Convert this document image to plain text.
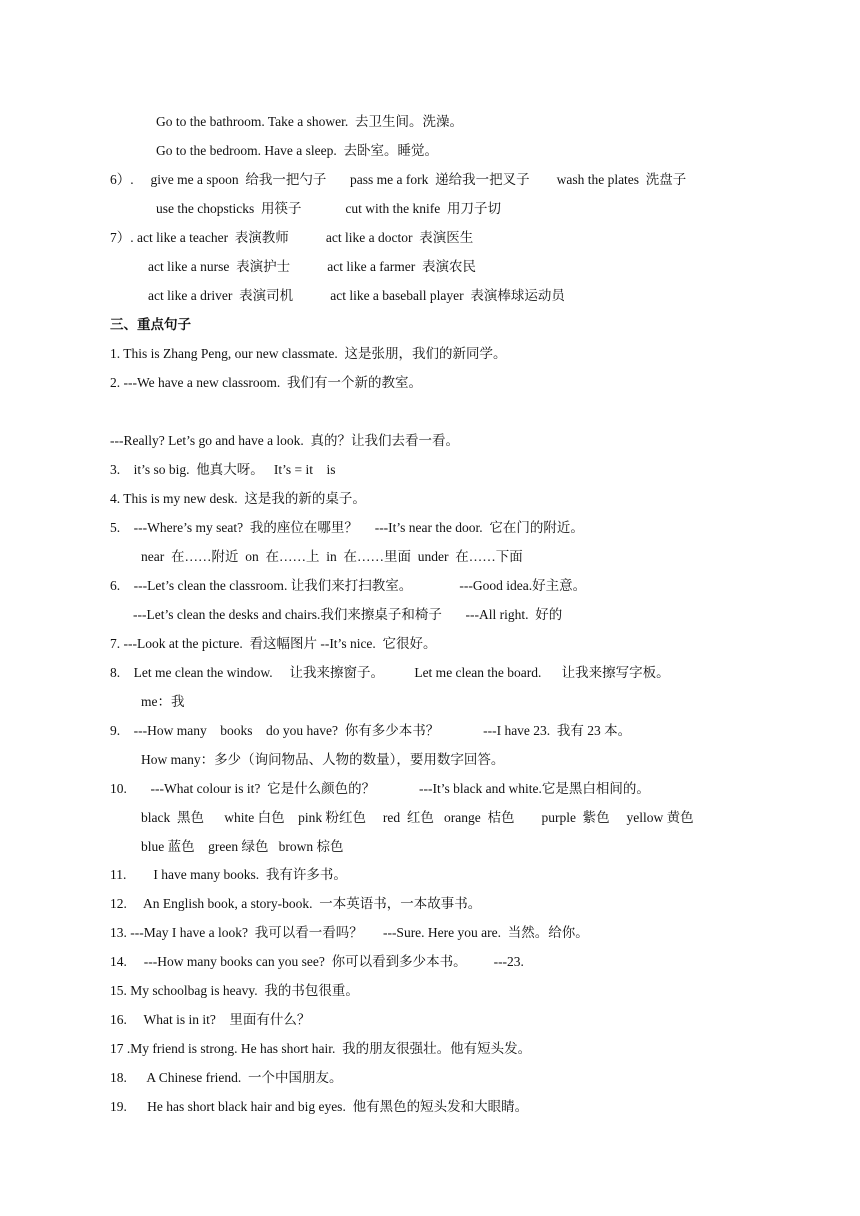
Go to the bathroom. Take a shower.  去卫生间。洗澡。
Go to the bedroom. Have a sleep.  去卧室。睡觉。
6）.     give me a spoon  给我一把勺子       pass me a fork  递给我一把叉子        wash the plates  洗盘子
use the chopsticks  用筷子             cut with the knife  用刀子切
7）. act like a teacher  表演教师           act like a doctor  表演医生
act like a nurse  表演护士           act like a farmer  表演农民
act like a driver  表演司机           act like a baseball player  表演棒球运动员
三、重点句子
1. This is Zhang Peng, our new classmate.  这是张朋，我们的新同学。
2. ---We have a new classroom.  我们有一个新的教室。
---Really? Let’s go and have a look.  真的？让我们去看一看。
3.    it’s so big.  他真大呀。   It’s = it    is
4. This is my new desk.  这是我的新的桌子。
5.    ---Where’s my seat?  我的座位在哪里？     ---It’s near the door.  它在门的附近。
near  在……附近  on  在……上  in  在……里面  under  在……下面
6.    ---Let’s clean the classroom. 让我们来打扫教室。              ---Good idea.好主意。
---Let’s clean the desks and chairs.我们来擦桌子和椅子       ---All right.  好的
7. ---Look at the picture.  看这幅图片 --It’s nice.  它很好。
8.    Let me clean the window.     让我来擦窗子。         Let me clean the board.      让我来擦写字板。
me：我
9.    ---How many    books    do you have?  你有多少本书？             ---I have 23.  我有 23 本。
How many：多少（询问物品、人物的数量），要用数字回答。
10.       ---What colour is it?  它是什么颜色的？             ---It’s black and white.它是黑白相间的。
black  黑色      white 白色    pink 粉红色     red  红色   orange  桔色        purple  紫色     yellow 黄色
blue 蓝色    green 绿色   brown 棕色
11.        I have many books.  我有许多书。
12.     An English book, a story-book.  一本英语书，一本故事书。
13. ---May I have a look?  我可以看一看吗？      ---Sure. Here you are.  当然。给你。
14.     ---How many books can you see?  你可以看到多少本书。        ---23.
15. My schoolbag is heavy.  我的书包很重。
16.     What is in it?    里面有什么？
17 .My friend is strong. He has short hair.  我的朋友很强壮。他有短头发。
18.      A Chinese friend.  一个中国朋友。
19.      He has short black hair and big eyes.  他有黑色的短头发和大眼睛。
